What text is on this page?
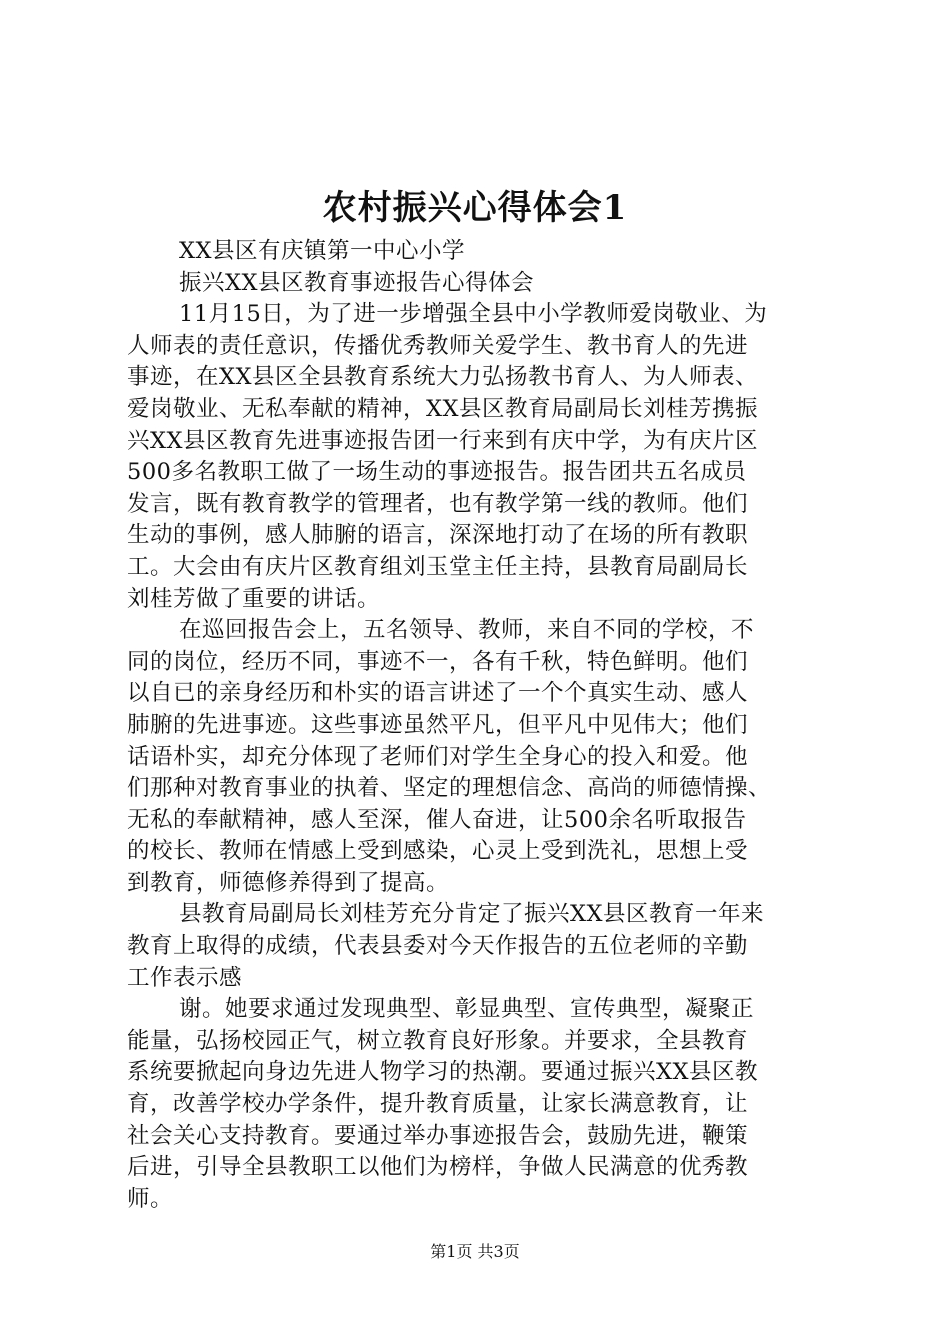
农村振兴心得体会1
XX县区有庆镇第一中心小学
振兴XX县区教育事迹报告心得体会
11月15日，为了进一步增强全县中小学教师爱岗敬业、为
人师表的责任意识，传播优秀教师关爱学生、教书育人的先进
事迹，在XX县区全县教育系统大力弘扬教书育人、为人师表、
爱岗敬业、无私奉献的精神，XX县区教育局副局长刘桂芳携振
兴XX县区教育先进事迹报告团一行来到有庆中学，为有庆片区
500多名教职工做了一场生动的事迹报告。报告团共五名成员
发言，既有教育教学的管理者，也有教学第一线的教师。他们
生动的事例，感人肺腑的语言，深深地打动了在场的所有教职
工。大会由有庆片区教育组刘玉堂主任主持，县教育局副局长
刘桂芳做了重要的讲话。
在巡回报告会上，五名领导、教师，来自不同的学校，不
同的岗位，经历不同，事迹不一，各有千秋，特色鲜明。他们
以自已的亲身经历和朴实的语言讲述了一个个真实生动、感人
肺腑的先进事迹。这些事迹虽然平凡，但平凡中见伟大；他们
话语朴实，却充分体现了老师们对学生全身心的投入和爱。他
们那种对教育事业的执着、坚定的理想信念、高尚的师德情操、
无私的奉献精神，感人至深，催人奋进，让500余名听取报告
的校长、教师在情感上受到感染，心灵上受到洗礼，思想上受
到教育，师德修养得到了提高。
县教育局副局长刘桂芳充分肯定了振兴XX县区教育一年来
教育上取得的成绩，代表县委对今天作报告的五位老师的辛勤
工作表示感
谢。她要求通过发现典型、彰显典型、宣传典型，凝聚正
能量，弘扬校园正气，树立教育良好形象。并要求，全县教育
系统要掀起向身边先进人物学习的热潮。要通过振兴XX县区教
育，改善学校办学条件，提升教育质量，让家长满意教育，让
社会关心支持教育。要通过举办事迹报告会，鼓励先进，鞭策
后进，引导全县教职工以他们为榜样，争做人民满意的优秀教
师。
第1页 共3页
